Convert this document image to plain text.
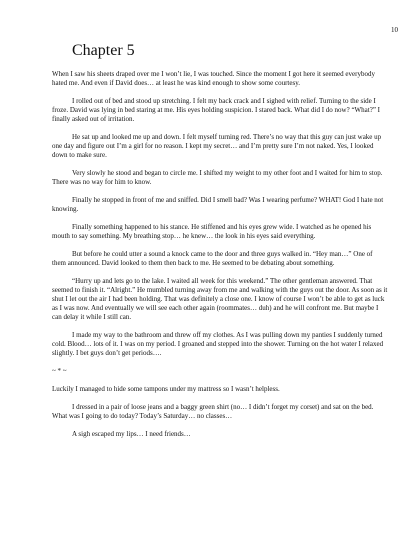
10
Chapter 5

When I saw his sheets draped over me I won’t lie, I was touched. Since the moment I got here it seemed everybody hated me. And even if David does… at least he was kind enough to show some courtesy.

I rolled out of bed and stood up stretching. I felt my back crack and I sighed with relief. Turning to the side I froze. David was lying in bed staring at me. His eyes holding suspicion. I stared back. What did I do now? “What?” I finally asked out of irritation.

He sat up and looked me up and down. I felt myself turning red. There’s no way that this guy can just wake up one day and figure out I’m a girl for no reason. I kept my secret… and I’m pretty sure I’m not naked. Yes, I looked down to make sure.

Very slowly he stood and began to circle me. I shifted my weight to my other foot and I waited for him to stop. There was no way for him to know.

Finally he stopped in front of me and sniffed. Did I smell bad? Was I wearing perfume? WHAT! God I hate not knowing.

Finally something happened to his stance. He stiffened and his eyes grew wide. I watched as he opened his mouth to say something. My breathing stop… he knew… the look in his eyes said everything.

But before he could utter a sound a knock came to the door and three guys walked in. “Hey man…” One of them announced. David looked to them then back to me. He seemed to be debating about something.

“Hurry up and lets go to the lake. I waited all week for this weekend.” The other gentleman answered. That seemed to finish it. “Alright.” He mumbled turning away from me and walking with the guys out the door. As soon as it shut I let out the air I had been holding. That was definitely a close one. I know of course I won’t be able to get as luck as I was now. And eventually we will see each other again (roommates… duh) and he will confront me. But maybe I can delay it while I still can.

I made my way to the bathroom and threw off my clothes. As I was pulling down my panties I suddenly turned cold. Blood… lots of it. I was on my period. I groaned and stepped into the shower. Turning on the hot water I relaxed slightly. I bet guys don’t get periods….

~ * ~

Luckily I managed to hide some tampons under my mattress so I wasn’t helpless.

I dressed in a pair of loose jeans and a baggy green shirt (no… I didn’t forget my corset) and sat on the bed. What was I going to do today? Today’s Saturday… no classes…

A sigh escaped my lips… I need friends…
